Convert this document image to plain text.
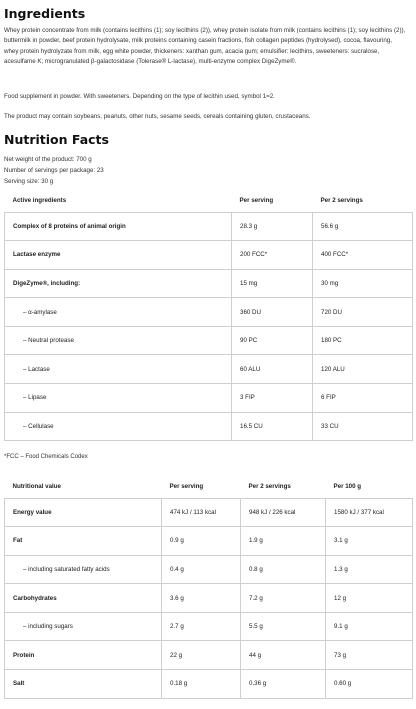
Ingredients

Whey protein concentrate from milk (contains lecithins (1); soy lecithins (2)), whey protein isolate from milk (contains lecithins (1); soy lecithins (2)), buttermilk in powder, beef protein hydrolysate, milk proteins containing casein fractions, fish collagen peptides (hydrolysed), cocoa, flavouring, whey protein hydrolyzate from milk, egg white powder, thickeners: xanthan gum, acacia gum; emulsifier: lecithins, sweeteners: sucralose, acesulfame K; microgranulated β-galactosidase (Tolerase® L-lactase), multi-enzyme complex DigeZyme®.

Food supplement in powder. With sweeteners. Depending on the type of lecithin used, symbol 1=2.

The product may contain soybeans, peanuts, other nuts, sesame seeds, cereals containing gluten, crustaceans.

Nutrition Facts
Net weight of the product: 700 g
Number of servings per package: 23
Serving size: 30 g
Active ingredients	Per serving	Per 2 servings
Complex of 8 proteins of animal origin	28.3 g	56.6 g
Lactase enzyme	200 FCC*	400 FCC*
DigeZyme®, including:	15 mg	30 mg
– α-amylase	360 DU	720 DU
– Neutral protease	90 PC	180 PC
– Lactase	60 ALU	120 ALU
– Lipase	3 FIP	6 FIP
– Cellulase	16.5 CU	33 CU
*FCC – Food Chemicals Codex
Nutritional value	Per serving	Per 2 servings	Per 100 g
Energy value	474 kJ / 113 kcal	948 kJ / 226 kcal	1580 kJ / 377 kcal
Fat	0.9 g	1.9 g	3.1 g
– including saturated fatty acids	0.4 g	0.8 g	1.3 g
Carbohydrates	3.6 g	7.2 g	12 g
– including sugars	2.7 g	5.5 g	9.1 g
Protein	22 g	44 g	73 g
Salt	0.18 g	0.36 g	0.60 g
